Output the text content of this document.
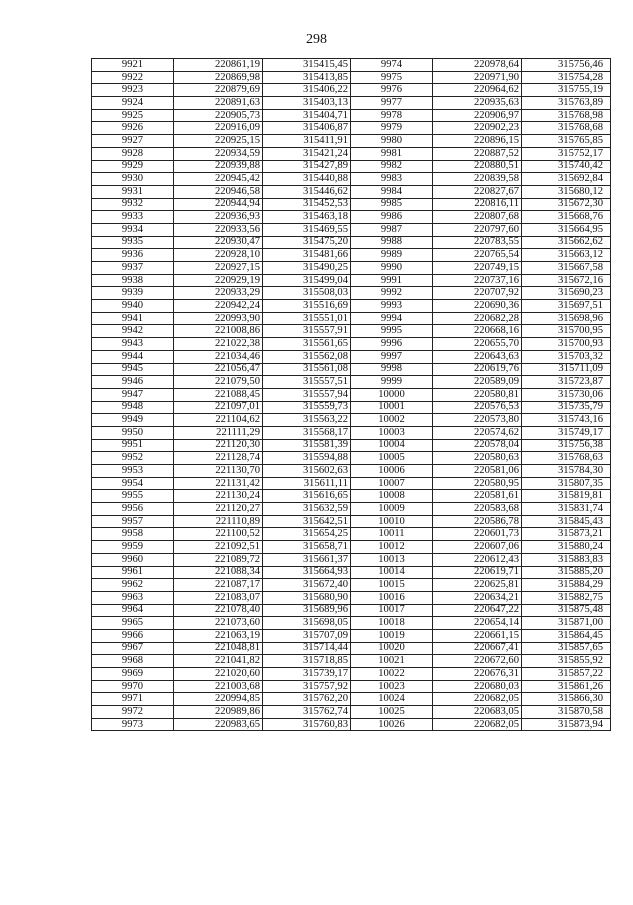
298
9921	220861,19	315415,45	9974	220978,64	315756,46
9922	220869,98	315413,85	9975	220971,90	315754,28
9923	220879,69	315406,22	9976	220964,62	315755,19
9924	220891,63	315403,13	9977	220935,63	315763,89
9925	220905,73	315404,71	9978	220906,97	315768,98
9926	220916,09	315406,87	9979	220902,23	315768,68
9927	220925,15	315411,91	9980	220896,15	315765,85
9928	220934,59	315421,24	9981	220887,52	315752,17
9929	220939,88	315427,89	9982	220880,51	315740,42
9930	220945,42	315440,88	9983	220839,58	315692,84
9931	220946,58	315446,62	9984	220827,67	315680,12
9932	220944,94	315452,53	9985	220816,11	315672,30
9933	220936,93	315463,18	9986	220807,68	315668,76
9934	220933,56	315469,55	9987	220797,60	315664,95
9935	220930,47	315475,20	9988	220783,55	315662,62
9936	220928,10	315481,66	9989	220765,54	315663,12
9937	220927,15	315490,25	9990	220749,15	315667,58
9938	220929,19	315499,04	9991	220737,16	315672,16
9939	220933,29	315508,03	9992	220707,92	315690,23
9940	220942,24	315516,69	9993	220690,36	315697,51
9941	220993,90	315551,01	9994	220682,28	315698,96
9942	221008,86	315557,91	9995	220668,16	315700,95
9943	221022,38	315561,65	9996	220655,70	315700,93
9944	221034,46	315562,08	9997	220643,63	315703,32
9945	221056,47	315561,08	9998	220619,76	315711,09
9946	221079,50	315557,51	9999	220589,09	315723,87
9947	221088,45	315557,94	10000	220580,81	315730,06
9948	221097,01	315559,73	10001	220576,53	315735,79
9949	221104,62	315563,22	10002	220573,80	315743,16
9950	221111,29	315568,17	10003	220574,62	315749,17
9951	221120,30	315581,39	10004	220578,04	315756,38
9952	221128,74	315594,88	10005	220580,63	315768,63
9953	221130,70	315602,63	10006	220581,06	315784,30
9954	221131,42	315611,11	10007	220580,95	315807,35
9955	221130,24	315616,65	10008	220581,61	315819,81
9956	221120,27	315632,59	10009	220583,68	315831,74
9957	221110,89	315642,51	10010	220586,78	315845,43
9958	221100,52	315654,25	10011	220601,73	315873,21
9959	221092,51	315658,71	10012	220607,06	315880,24
9960	221089,72	315661,37	10013	220612,43	315883,83
9961	221088,34	315664,93	10014	220619,71	315885,20
9962	221087,17	315672,40	10015	220625,81	315884,29
9963	221083,07	315680,90	10016	220634,21	315882,75
9964	221078,40	315689,96	10017	220647,22	315875,48
9965	221073,60	315698,05	10018	220654,14	315871,00
9966	221063,19	315707,09	10019	220661,15	315864,45
9967	221048,81	315714,44	10020	220667,41	315857,65
9968	221041,82	315718,85	10021	220672,60	315855,92
9969	221020,60	315739,17	10022	220676,31	315857,22
9970	221003,68	315757,92	10023	220680,03	315861,26
9971	220994,85	315762,20	10024	220682,05	315866,30
9972	220989,86	315762,74	10025	220683,05	315870,58
9973	220983,65	315760,83	10026	220682,05	315873,94
